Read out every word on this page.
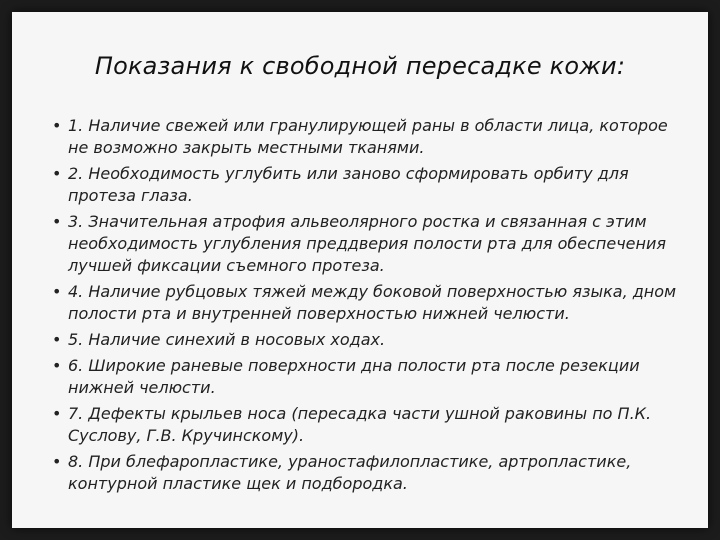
Показания к свободной пересадке кожи:
• 1. Наличие свежей или гранулирующей раны в области лица, которое не возможно закрыть местными тканями.
• 2. Необходимость углубить или заново сформировать орбиту для протеза глаза.
• 3. Значительная атрофия альвеолярного ростка и связанная с этим необходимость углубления преддверия полости рта для обеспечения лучшей фиксации съемного протеза.
• 4. Наличие рубцовых тяжей между боковой поверхностью языка, дном полости рта и внутренней поверхностью нижней челюсти.
• 5. Наличие синехий в носовых ходах.
• 6. Широкие раневые поверхности дна полости рта после резекции нижней челюсти.
• 7. Дефекты крыльев носа (пересадка части ушной раковины по П.К. Суслову, Г.В. Кручинскому).
• 8. При блефаропластике, ураностафилопластике, артропластике, контурной пластике щек и подбородка.
